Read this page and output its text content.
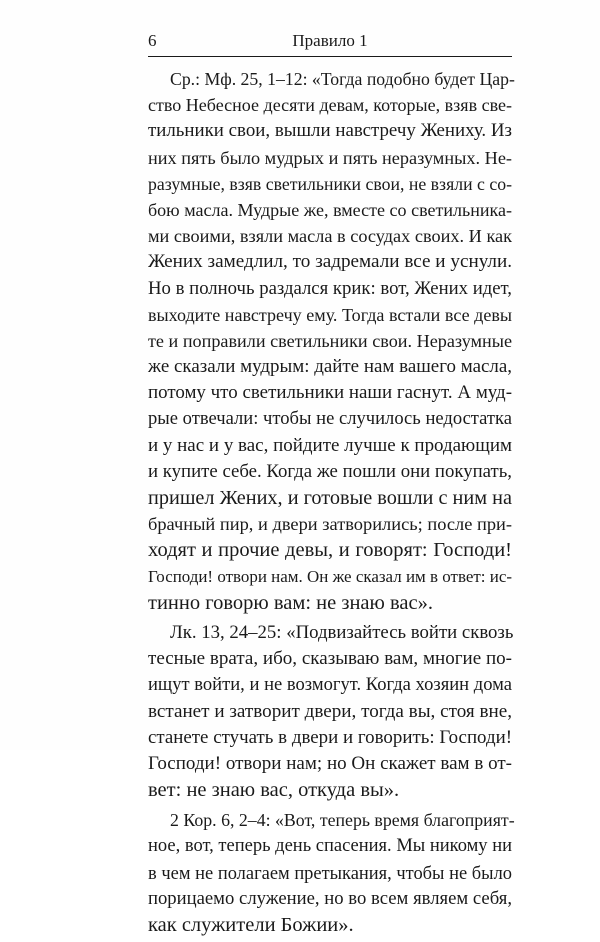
6	Правило 1
Ср.: Мф. 25, 1–12: «Тогда подобно будет Цар-
ство Небесное десяти девам, которые, взяв све-
тильники свои, вышли навстречу Жениху. Из
них пять было мудрых и пять неразумных. Не-
разумные, взяв светильники свои, не взяли с со-
бою масла. Мудрые же, вместе со светильника-
ми своими, взяли масла в сосудах своих. И как
Жених замедлил, то задремали все и уснули.
Но в полночь раздался крик: вот, Жених идет,
выходите навстречу ему. Тогда встали все девы
те и поправили светильники свои. Неразумные
же сказали мудрым: дайте нам вашего масла,
потому что светильники наши гаснут. А муд-
рые отвечали: чтобы не случилось недостатка
и у нас и у вас, пойдите лучше к продающим
и купите себе. Когда же пошли они покупать,
пришел Жених, и готовые вошли с ним на
брачный пир, и двери затворились; после при-
ходят и прочие девы, и говорят: Господи!
Господи! отвори нам. Он же сказал им в ответ: ис-
тинно говорю вам: не знаю вас».
Лк. 13, 24–25: «Подвизайтесь войти сквозь
тесные врата, ибо, сказываю вам, многие по-
ищут войти, и не возмогут. Когда хозяин дома
встанет и затворит двери, тогда вы, стоя вне,
станете стучать в двери и говорить: Господи!
Господи! отвори нам; но Он скажет вам в от-
вет: не знаю вас, откуда вы».
2 Кор. 6, 2–4: «Вот, теперь время благоприят-
ное, вот, теперь день спасения. Мы никому ни
в чем не полагаем претыкания, чтобы не было
порицаемо служение, но во всем являем себя,
как служители Божии».
